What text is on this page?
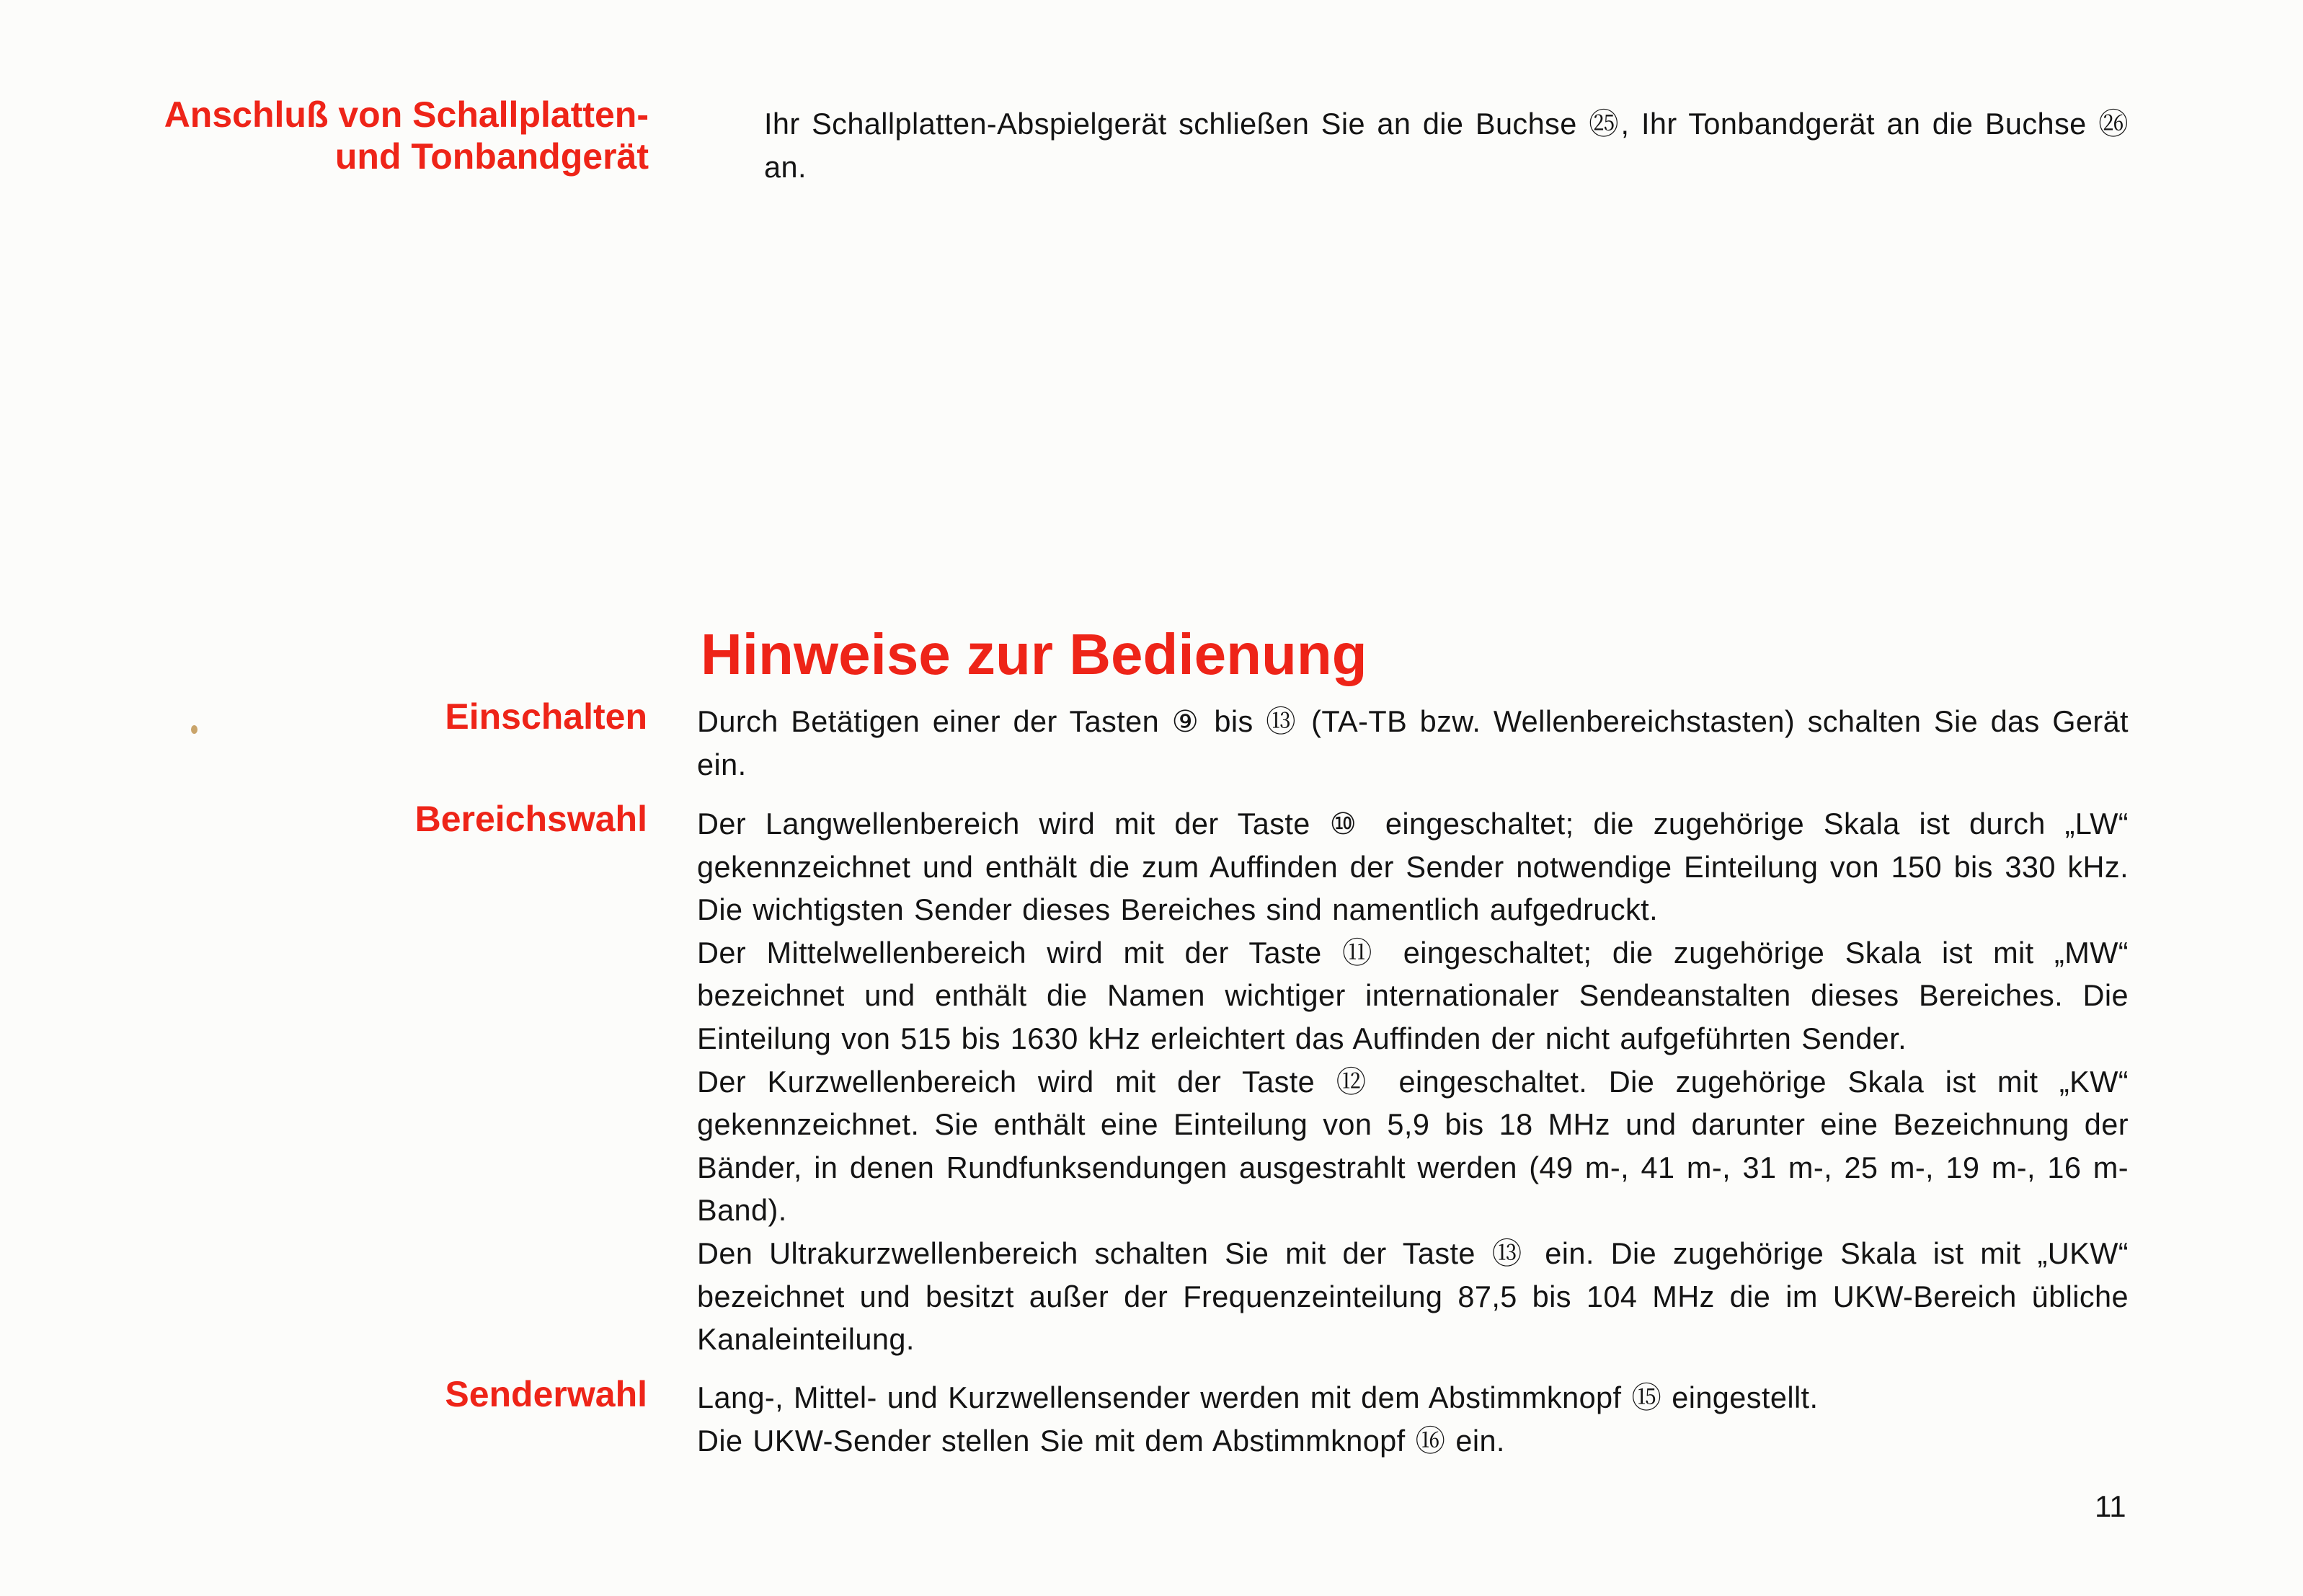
Anschluß von Schallplatten-
und Tonbandgerät

Ihr Schallplatten-Abspielgerät schließen Sie an die Buchse ㉕, Ihr Tonbandgerät an die Buchse ㉖ an.

Hinweise zur Bedienung
Einschalten Durch Betätigen einer der Tasten ⑨ bis ⑬ (TA-TB bzw. Wellenbereichstasten) schalten Sie das Gerät ein.

Bereichswahl Der Langwellenbereich wird mit der Taste ⑩ eingeschaltet; die zugehörige Skala ist durch „LW“ gekennzeichnet und enthält die zum Auffinden der Sender notwendige Einteilung von 150 bis 330 kHz. Die wichtigsten Sender dieses Bereiches sind namentlich aufgedruckt.

Der Mittelwellenbereich wird mit der Taste ⑪ eingeschaltet; die zugehörige Skala ist mit „MW“ bezeichnet und enthält die Namen wichtiger internationaler Sendeanstalten dieses Bereiches. Die Einteilung von 515 bis 1630 kHz erleichtert das Auffinden der nicht aufgeführten Sender.

Der Kurzwellenbereich wird mit der Taste ⑫ eingeschaltet. Die zugehörige Skala ist mit „KW“ gekennzeichnet. Sie enthält eine Einteilung von 5,9 bis 18 MHz und darunter eine Bezeichnung der Bänder, in denen Rundfunksendungen ausgestrahlt werden (49 m-, 41 m-, 31 m-, 25 m-, 19 m-, 16 m-Band).

Den Ultrakurzwellenbereich schalten Sie mit der Taste ⑬ ein. Die zugehörige Skala ist mit „UKW“ bezeichnet und besitzt außer der Frequenzeinteilung 87,5 bis 104 MHz die im UKW-Bereich übliche Kanaleinteilung.

Senderwahl Lang-, Mittel- und Kurzwellensender werden mit dem Abstimmknopf ⑮ eingestellt.

Die UKW-Sender stellen Sie mit dem Abstimmknopf ⑯ ein.

11
